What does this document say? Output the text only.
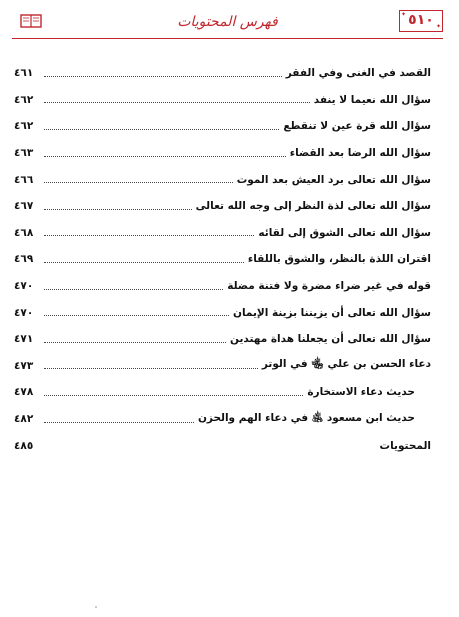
✦
✦
٥١٠
فهرس المحتويات
القصد في الغنى وفي الفقر
٤٦١
سؤال الله نعيما لا ينفد
٤٦٢
سؤال الله قرة عين لا تنقطع
٤٦٢
سؤال الله الرضا بعد القضاء
٤٦٣
سؤال الله تعالى برد العيش بعد الموت
٤٦٦
سؤال الله تعالى لذة النظر إلى وجه الله تعالى
٤٦٧
سؤال الله تعالى الشوق إلى لقائه
٤٦٨
اقتران اللذة بالنظر، والشوق باللقاء
٤٦٩
قوله في غير ضراء مضرة ولا فتنة مضلة
٤٧٠
سؤال الله تعالى أن يزيننا بزينة الإيمان
٤٧٠
سؤال الله تعالى أن يجعلنا هداة مهتدين
٤٧١
دعاء الحسن بن علي ﵄ في الوتر
٤٧٣
حديث دعاء الاستخارة
٤٧٨
حديث ابن مسعود ﵁ في دعاء الهم والحزن
٤٨٢
المحتويات
٤٨٥
